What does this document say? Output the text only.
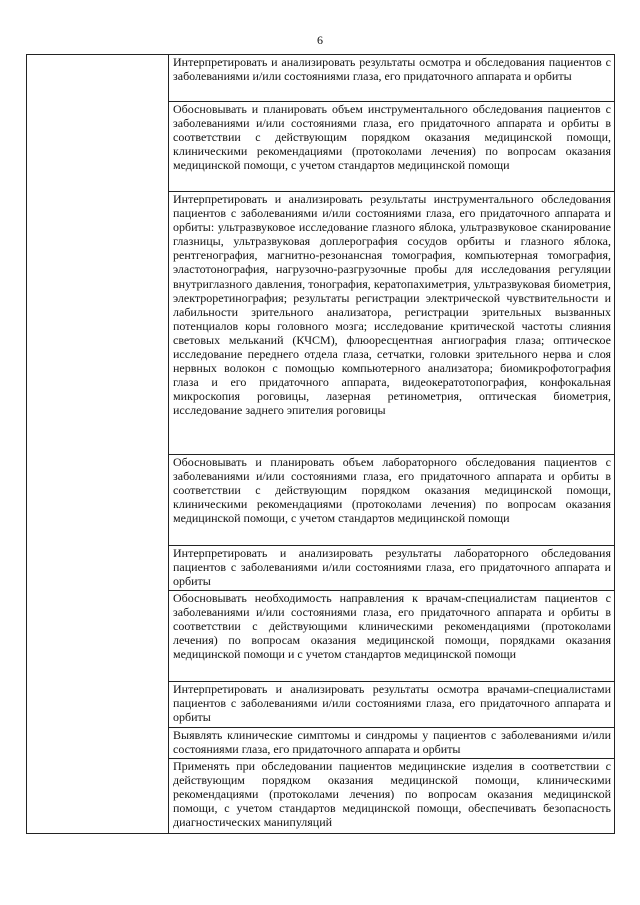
6

Интерпретировать и анализировать результаты осмотра и обследования пациентов с заболеваниями и/или состояниями глаза, его придаточного аппарата и орбиты

Обосновывать и планировать объем инструментального обследования пациентов с заболеваниями и/или состояниями глаза, его придаточного аппарата и орбиты в соответствии с действующим порядком оказания медицинской помощи, клиническими рекомендациями (протоколами лечения) по вопросам оказания медицинской помощи, с учетом стандартов медицинской помощи

Интерпретировать и анализировать результаты инструментального обследования пациентов с заболеваниями и/или состояниями глаза, его придаточного аппарата и орбиты: ультразвуковое исследование глазного яблока, ультразвуковое сканирование глазницы, ультразвуковая доплерография сосудов орбиты и глазного яблока, рентгенография, магнитно-резонансная томография, компьютерная томография, эластотонография, нагрузочно-разгрузочные пробы для исследования регуляции внутриглазного давления, тонография, кератопахиметрия, ультразвуковая биометрия, электроретинография; результаты регистрации электрической чувствительности и лабильности зрительного анализатора, регистрации зрительных вызванных потенциалов коры головного мозга; исследование критической частоты слияния световых мельканий (КЧСМ), флюоресцентная ангиография глаза; оптическое исследование переднего отдела глаза, сетчатки, головки зрительного нерва и слоя нервных волокон с помощью компьютерного анализатора; биомикрофотография глаза и его придаточного аппарата, видеокератотопография, конфокальная микроскопия роговицы, лазерная ретинометрия, оптическая биометрия, исследование заднего эпителия роговицы

Обосновывать и планировать объем лабораторного обследования пациентов с заболеваниями и/или состояниями глаза, его придаточного аппарата и орбиты в соответствии с действующим порядком оказания медицинской помощи, клиническими рекомендациями (протоколами лечения) по вопросам оказания медицинской помощи, с учетом стандартов медицинской помощи

Интерпретировать и анализировать результаты лабораторного обследования пациентов с заболеваниями и/или состояниями глаза, его придаточного аппарата и орбиты

Обосновывать необходимость направления к врачам-специалистам пациентов с заболеваниями и/или состояниями глаза, его придаточного аппарата и орбиты в соответствии с действующими клиническими рекомендациями (протоколами лечения) по вопросам оказания медицинской помощи, порядками оказания медицинской помощи и с учетом стандартов медицинской помощи

Интерпретировать и анализировать результаты осмотра врачами-специалистами пациентов с заболеваниями и/или состояниями глаза, его придаточного аппарата и орбиты

Выявлять клинические симптомы и синдромы у пациентов с заболеваниями и/или состояниями глаза, его придаточного аппарата и орбиты

Применять при обследовании пациентов медицинские изделия в соответствии с действующим порядком оказания медицинской помощи, клиническими рекомендациями (протоколами лечения) по вопросам оказания медицинской помощи, с учетом стандартов медицинской помощи, обеспечивать безопасность диагностических манипуляций
